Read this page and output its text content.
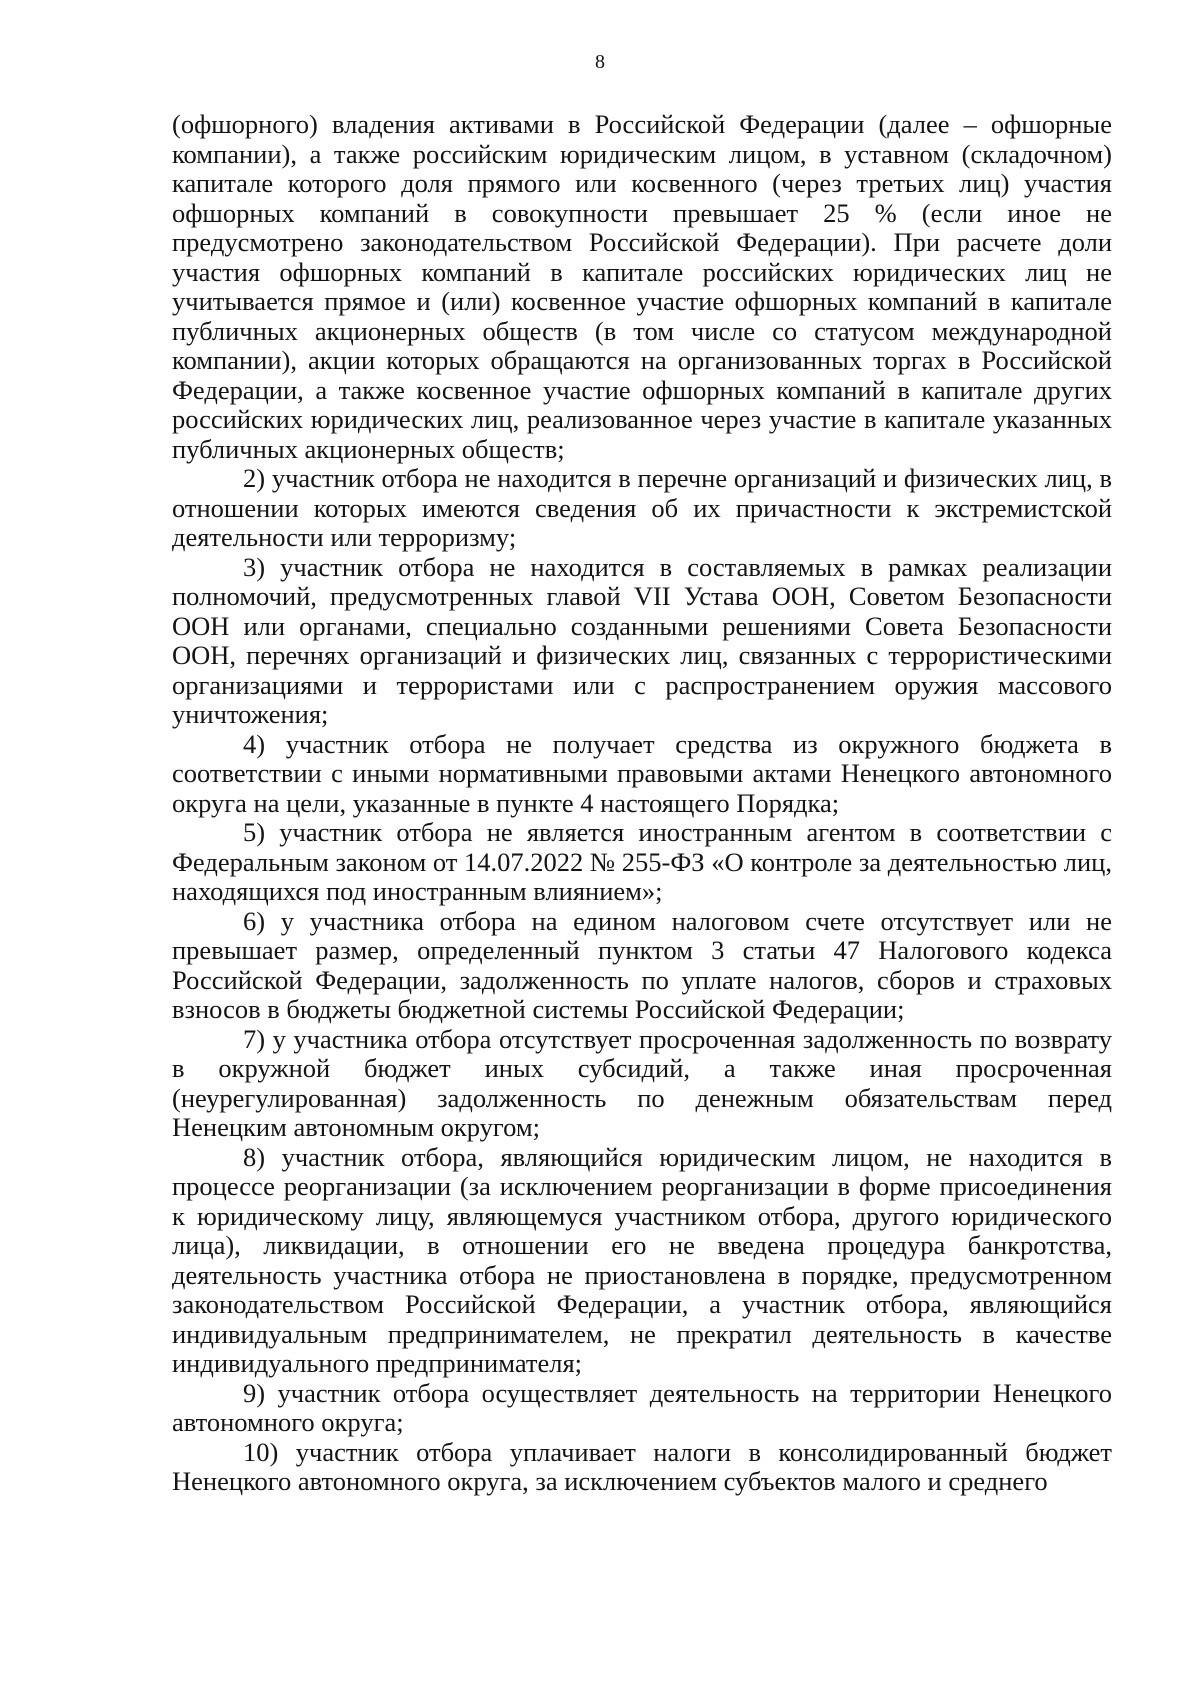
8

(офшорного) владения активами в Российской Федерации (далее – офшорные компании), а также российским юридическим лицом, в уставном (складочном) капитале которого доля прямого или косвенного (через третьих лиц) участия офшорных компаний в совокупности превышает 25 % (если иное не предусмотрено законодательством Российской Федерации). При расчете доли участия офшорных компаний в капитале российских юридических лиц не учитывается прямое и (или) косвенное участие офшорных компаний в капитале публичных акционерных обществ (в том числе со статусом международной компании), акции которых обращаются на организованных торгах в Российской Федерации, а также косвенное участие офшорных компаний в капитале других российских юридических лиц, реализованное через участие в капитале указанных публичных акционерных обществ;

2) участник отбора не находится в перечне организаций и физических лиц, в отношении которых имеются сведения об их причастности к экстремистской деятельности или терроризму;

3) участник отбора не находится в составляемых в рамках реализации полномочий, предусмотренных главой VII Устава ООН, Советом Безопасности ООН или органами, специально созданными решениями Совета Безопасности ООН, перечнях организаций и физических лиц, связанных с террористическими организациями и террористами или с распространением оружия массового уничтожения;

4) участник отбора не получает средства из окружного бюджета в соответствии с иными нормативными правовыми актами Ненецкого автономного округа на цели, указанные в пункте 4 настоящего Порядка;

5) участник отбора не является иностранным агентом в соответствии с Федеральным законом от 14.07.2022 № 255-ФЗ «О контроле за деятельностью лиц, находящихся под иностранным влиянием»;

6) у участника отбора на едином налоговом счете отсутствует или не превышает размер, определенный пунктом 3 статьи 47 Налогового кодекса Российской Федерации, задолженность по уплате налогов, сборов и страховых взносов в бюджеты бюджетной системы Российской Федерации;

7) у участника отбора отсутствует просроченная задолженность по возврату в окружной бюджет иных субсидий, а также иная просроченная (неурегулированная) задолженность по денежным обязательствам перед Ненецким автономным округом;

8) участник отбора, являющийся юридическим лицом, не находится в процессе реорганизации (за исключением реорганизации в форме присоединения к юридическому лицу, являющемуся участником отбора, другого юридического лица), ликвидации, в отношении его не введена процедура банкротства, деятельность участника отбора не приостановлена в порядке, предусмотренном законодательством Российской Федерации, а участник отбора, являющийся индивидуальным предпринимателем, не прекратил деятельность в качестве индивидуального предпринимателя;

9) участник отбора осуществляет деятельность на территории Ненецкого автономного округа;

10) участник отбора уплачивает налоги в консолидированный бюджет Ненецкого автономного округа, за исключением субъектов малого и среднего
